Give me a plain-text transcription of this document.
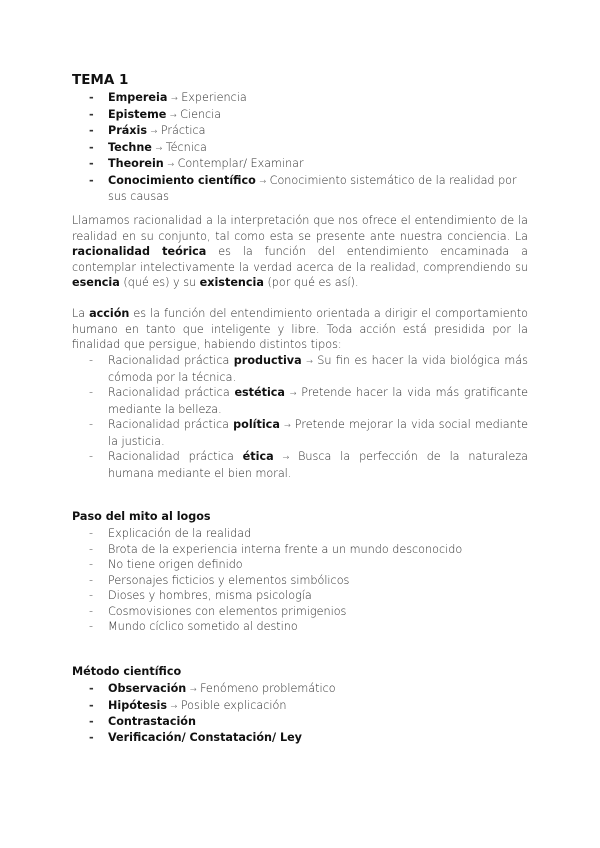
TEMA 1
- Empereia → Experiencia
- Episteme → Ciencia
- Práxis → Práctica
- Techne → Técnica
- Theorein → Contemplar/ Examinar
- Conocimiento científico → Conocimiento sistemático de la realidad por sus causas

Llamamos racionalidad a la interpretación que nos ofrece el entendimiento de la realidad en su conjunto, tal como esta se presente ante nuestra conciencia. La racionalidad teórica es la función del entendimiento encaminada a contemplar intelectivamente la verdad acerca de la realidad, comprendiendo su esencia (qué es) y su existencia (por qué es así).

La acción es la función del entendimiento orientada a dirigir el comportamiento humano en tanto que inteligente y libre. Toda acción está presidida por la finalidad que persigue, habiendo distintos tipos:

- Racionalidad práctica productiva → Su fin es hacer la vida biológica más cómoda por la técnica.
- Racionalidad práctica estética → Pretende hacer la vida más gratificante mediante la belleza.
- Racionalidad práctica política → Pretende mejorar la vida social mediante la justicia.
- Racionalidad práctica ética → Busca la perfección de la naturaleza humana mediante el bien moral.
Paso del mito al logos
- Explicación de la realidad
- Brota de la experiencia interna frente a un mundo desconocido
- No tiene origen definido
- Personajes ficticios y elementos simbólicos
- Dioses y hombres, misma psicología
- Cosmovisiones con elementos primigenios
- Mundo cíclico sometido al destino
Método científico
- Observación → Fenómeno problemático
- Hipótesis → Posible explicación
- Contrastación
- Verificación/ Constatación/ Ley
